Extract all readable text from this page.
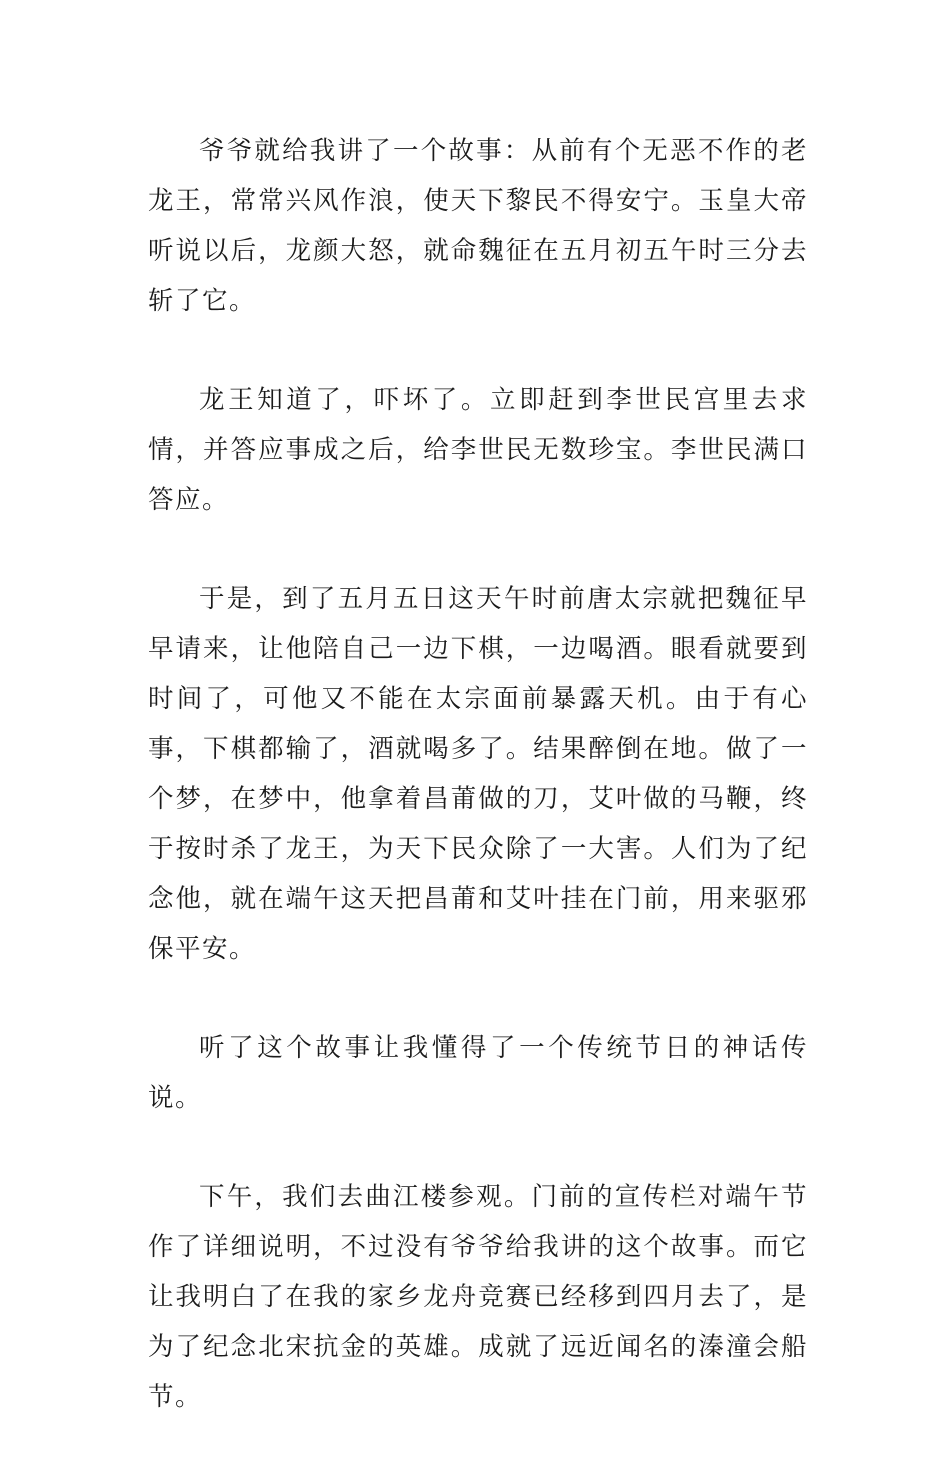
爷爷就给我讲了一个故事：从前有个无恶不作的老龙王，常常兴风作浪，使天下黎民不得安宁。玉皇大帝听说以后，龙颜大怒，就命魏征在五月初五午时三分去斩了它。

龙王知道了，吓坏了。立即赶到李世民宫里去求情，并答应事成之后，给李世民无数珍宝。李世民满口答应。

于是，到了五月五日这天午时前唐太宗就把魏征早早请来，让他陪自己一边下棋，一边喝酒。眼看就要到时间了，可他又不能在太宗面前暴露天机。由于有心事，下棋都输了，酒就喝多了。结果醉倒在地。做了一个梦，在梦中，他拿着昌莆做的刀，艾叶做的马鞭，终于按时杀了龙王，为天下民众除了一大害。人们为了纪念他，就在端午这天把昌莆和艾叶挂在门前，用来驱邪保平安。

听了这个故事让我懂得了一个传统节日的神话传说。

下午，我们去曲江楼参观。门前的宣传栏对端午节作了详细说明，不过没有爷爷给我讲的这个故事。而它让我明白了在我的家乡龙舟竞赛已经移到四月去了，是为了纪念北宋抗金的英雄。成就了远近闻名的溱潼会船节。
